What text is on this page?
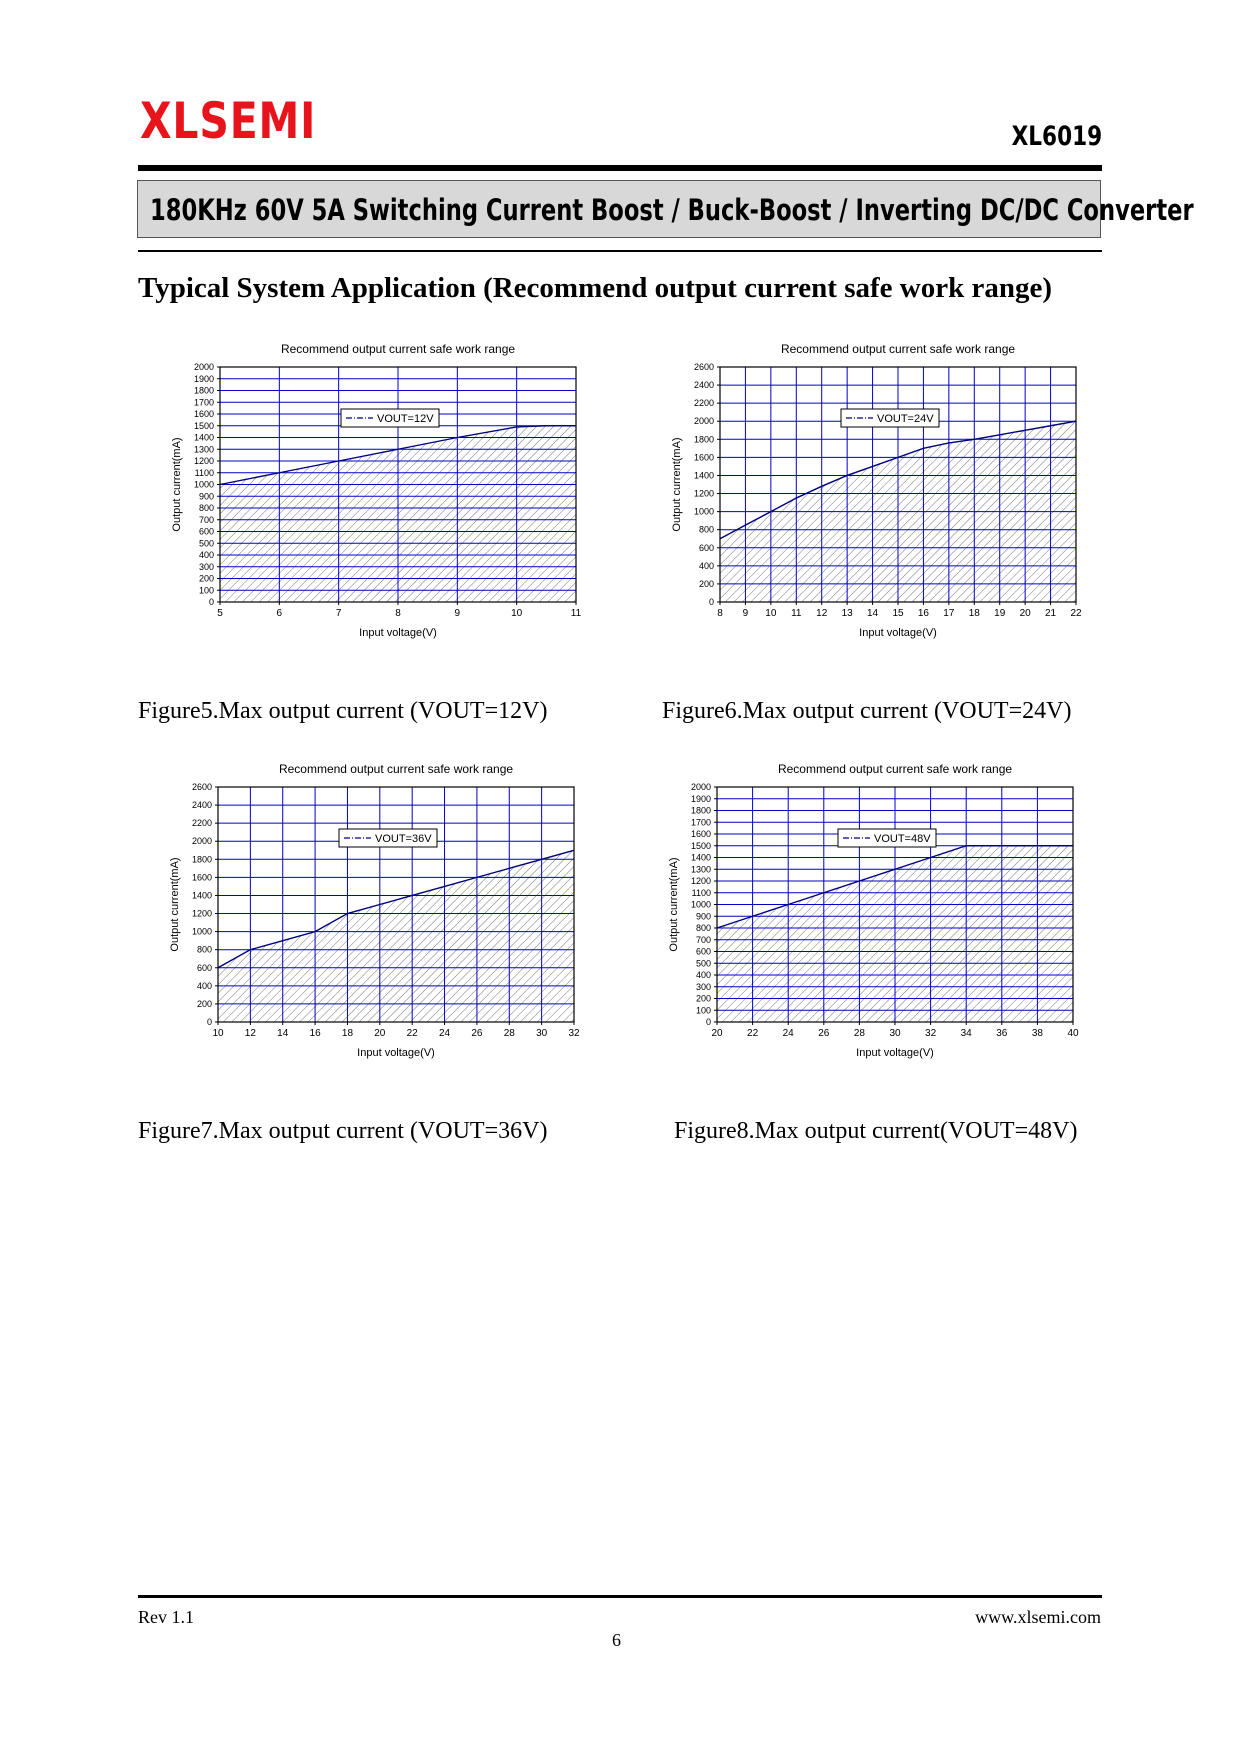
XLSEMI	XL6019
180KHz 60V 5A Switching Current Boost / Buck-Boost / Inverting DC/DC Converter
Typical System Application (Recommend output current safe work range)
Recommend output current safe work range
5	6	7	8	9	10	11
0
100
200
300
400
500
600
700
800
900
1000
1100
1200
1300
1400
1500
1600
1700
1800
1900
2000
VOUT=12V
Input voltage(V)
Output current(mA)
Recommend output current safe work range
8 9 10 11 12 13 14 15 16 17 18 19 20 21 22
0
200
400
600
800
1000
1200
1400
1600
1800
2000
2200
2400
2600
VOUT=24V
Input voltage(V)
Output current(mA)
Recommend output current safe work range
10 12 14 16 18 20 22 24 26 28 30 32
0
200
400
600
800
1000
1200
1400
1600
1800
2000
2200
2400
2600
VOUT=36V
Input voltage(V)
Output current(mA)
Recommend output current safe work range
20 22 24 26 28 30 32 34 36 38 40
0
100
200
300
400
500
600
700
800
900
1000
1100
1200
1300
1400
1500
1600
1700
1800
1900
2000
VOUT=48V
Input voltage(V)
Output current(mA)
Figure5.Max output current (VOUT=12V)	Figure6.Max output current (VOUT=24V)
Figure7.Max output current (VOUT=36V)	Figure8.Max output current(VOUT=48V)
Rev 1.1	www.xlsemi.com
6
